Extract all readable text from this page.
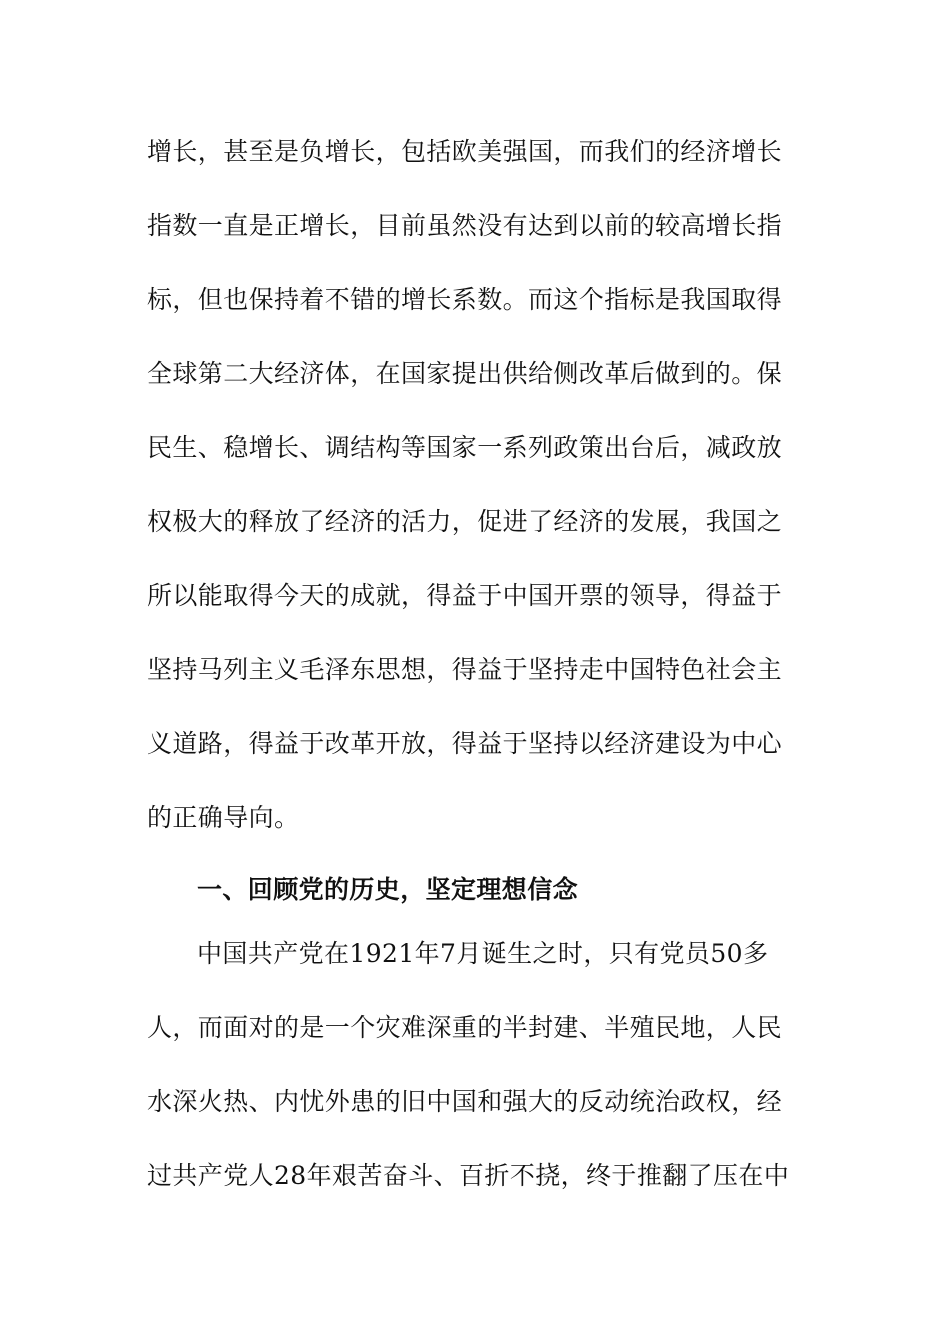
增长，甚至是负增长，包括欧美强国，而我们的经济增长
指数一直是正增长，目前虽然没有达到以前的较高增长指
标，但也保持着不错的增长系数。而这个指标是我国取得
全球第二大经济体，在国家提出供给侧改革后做到的。保
民生、稳增长、调结构等国家一系列政策出台后，减政放
权极大的释放了经济的活力，促进了经济的发展，我国之
所以能取得今天的成就，得益于中国开票的领导，得益于
坚持马列主义毛泽东思想，得益于坚持走中国特色社会主
义道路，得益于改革开放，得益于坚持以经济建设为中心
的正确导向。
一、回顾党的历史，坚定理想信念
中国共产党在1921年7月诞生之时，只有党员50多
人，而面对的是一个灾难深重的半封建、半殖民地，人民
水深火热、内忧外患的旧中国和强大的反动统治政权，经
过共产党人28年艰苦奋斗、百折不挠，终于推翻了压在中
